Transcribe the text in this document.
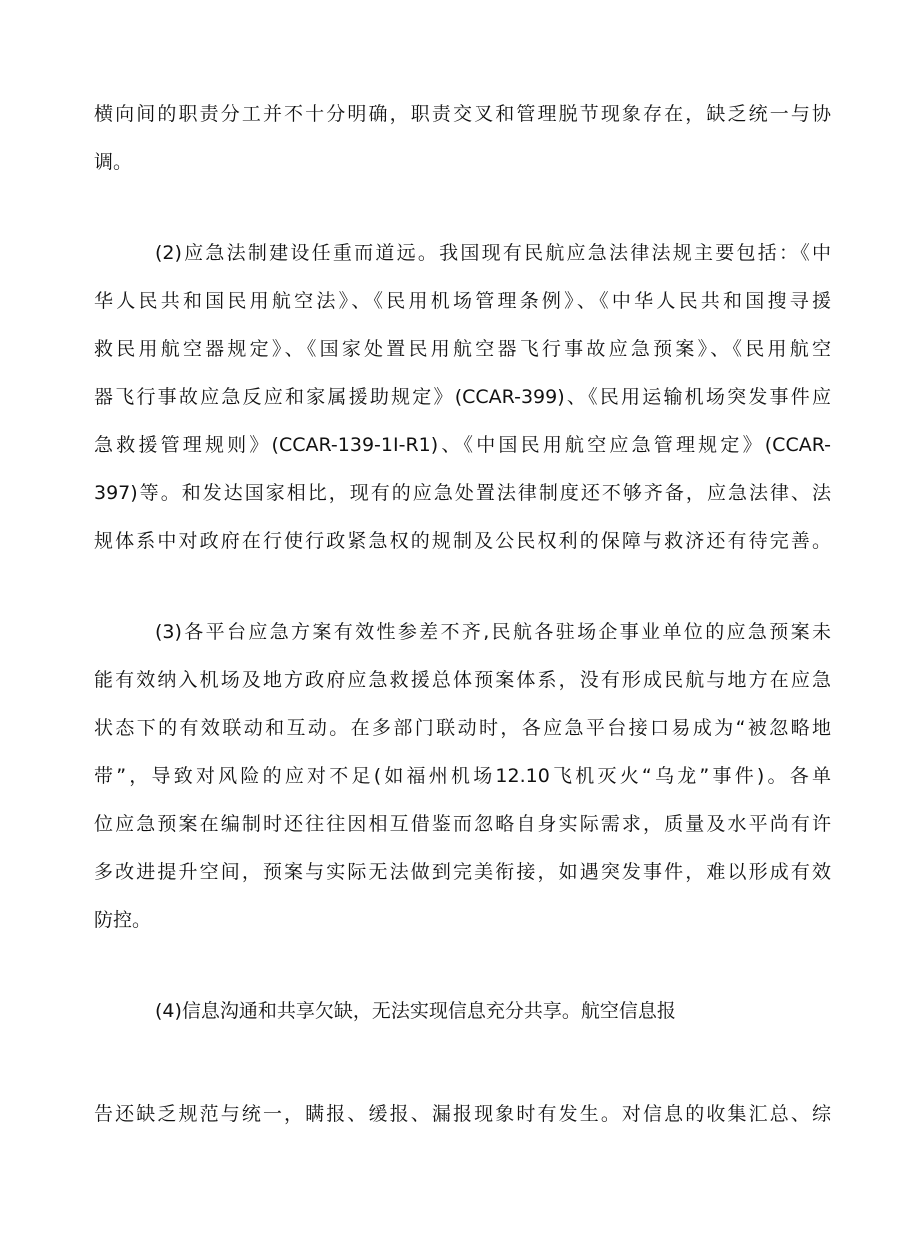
横向间的职责分工并不十分明确，职责交叉和管理脱节现象存在，缺乏统一与协
调。
(2)应急法制建设任重而道远。我国现有民航应急法律法规主要包括：《中
华人民共和国民用航空法》、《民用机场管理条例》、《中华人民共和国搜寻援
救民用航空器规定》、《国家处置民用航空器飞行事故应急预案》、《民用航空
器飞行事故应急反应和家属援助规定》(CCAR-399)、《民用运输机场突发事件应
急救援管理规则》(CCAR-139-1I-R1)、《中国民用航空应急管理规定》(CCAR-
397)等。和发达国家相比，现有的应急处置法律制度还不够齐备，应急法律、法
规体系中对政府在行使行政紧急权的规制及公民权利的保障与救济还有待完善。
(3)各平台应急方案有效性参差不齐,民航各驻场企事业单位的应急预案未
能有效纳入机场及地方政府应急救援总体预案体系，没有形成民航与地方在应急
状态下的有效联动和互动。在多部门联动时，各应急平台接口易成为“被忽略地
带”，导致对风险的应对不足(如福州机场12.10飞机灭火“乌龙”事件)。各单
位应急预案在编制时还往往因相互借鉴而忽略自身实际需求，质量及水平尚有许
多改进提升空间，预案与实际无法做到完美衔接，如遇突发事件，难以形成有效
防控。
(4)信息沟通和共享欠缺，无法实现信息充分共享。航空信息报
告还缺乏规范与统一，瞒报、缓报、漏报现象时有发生。对信息的收集汇总、综
